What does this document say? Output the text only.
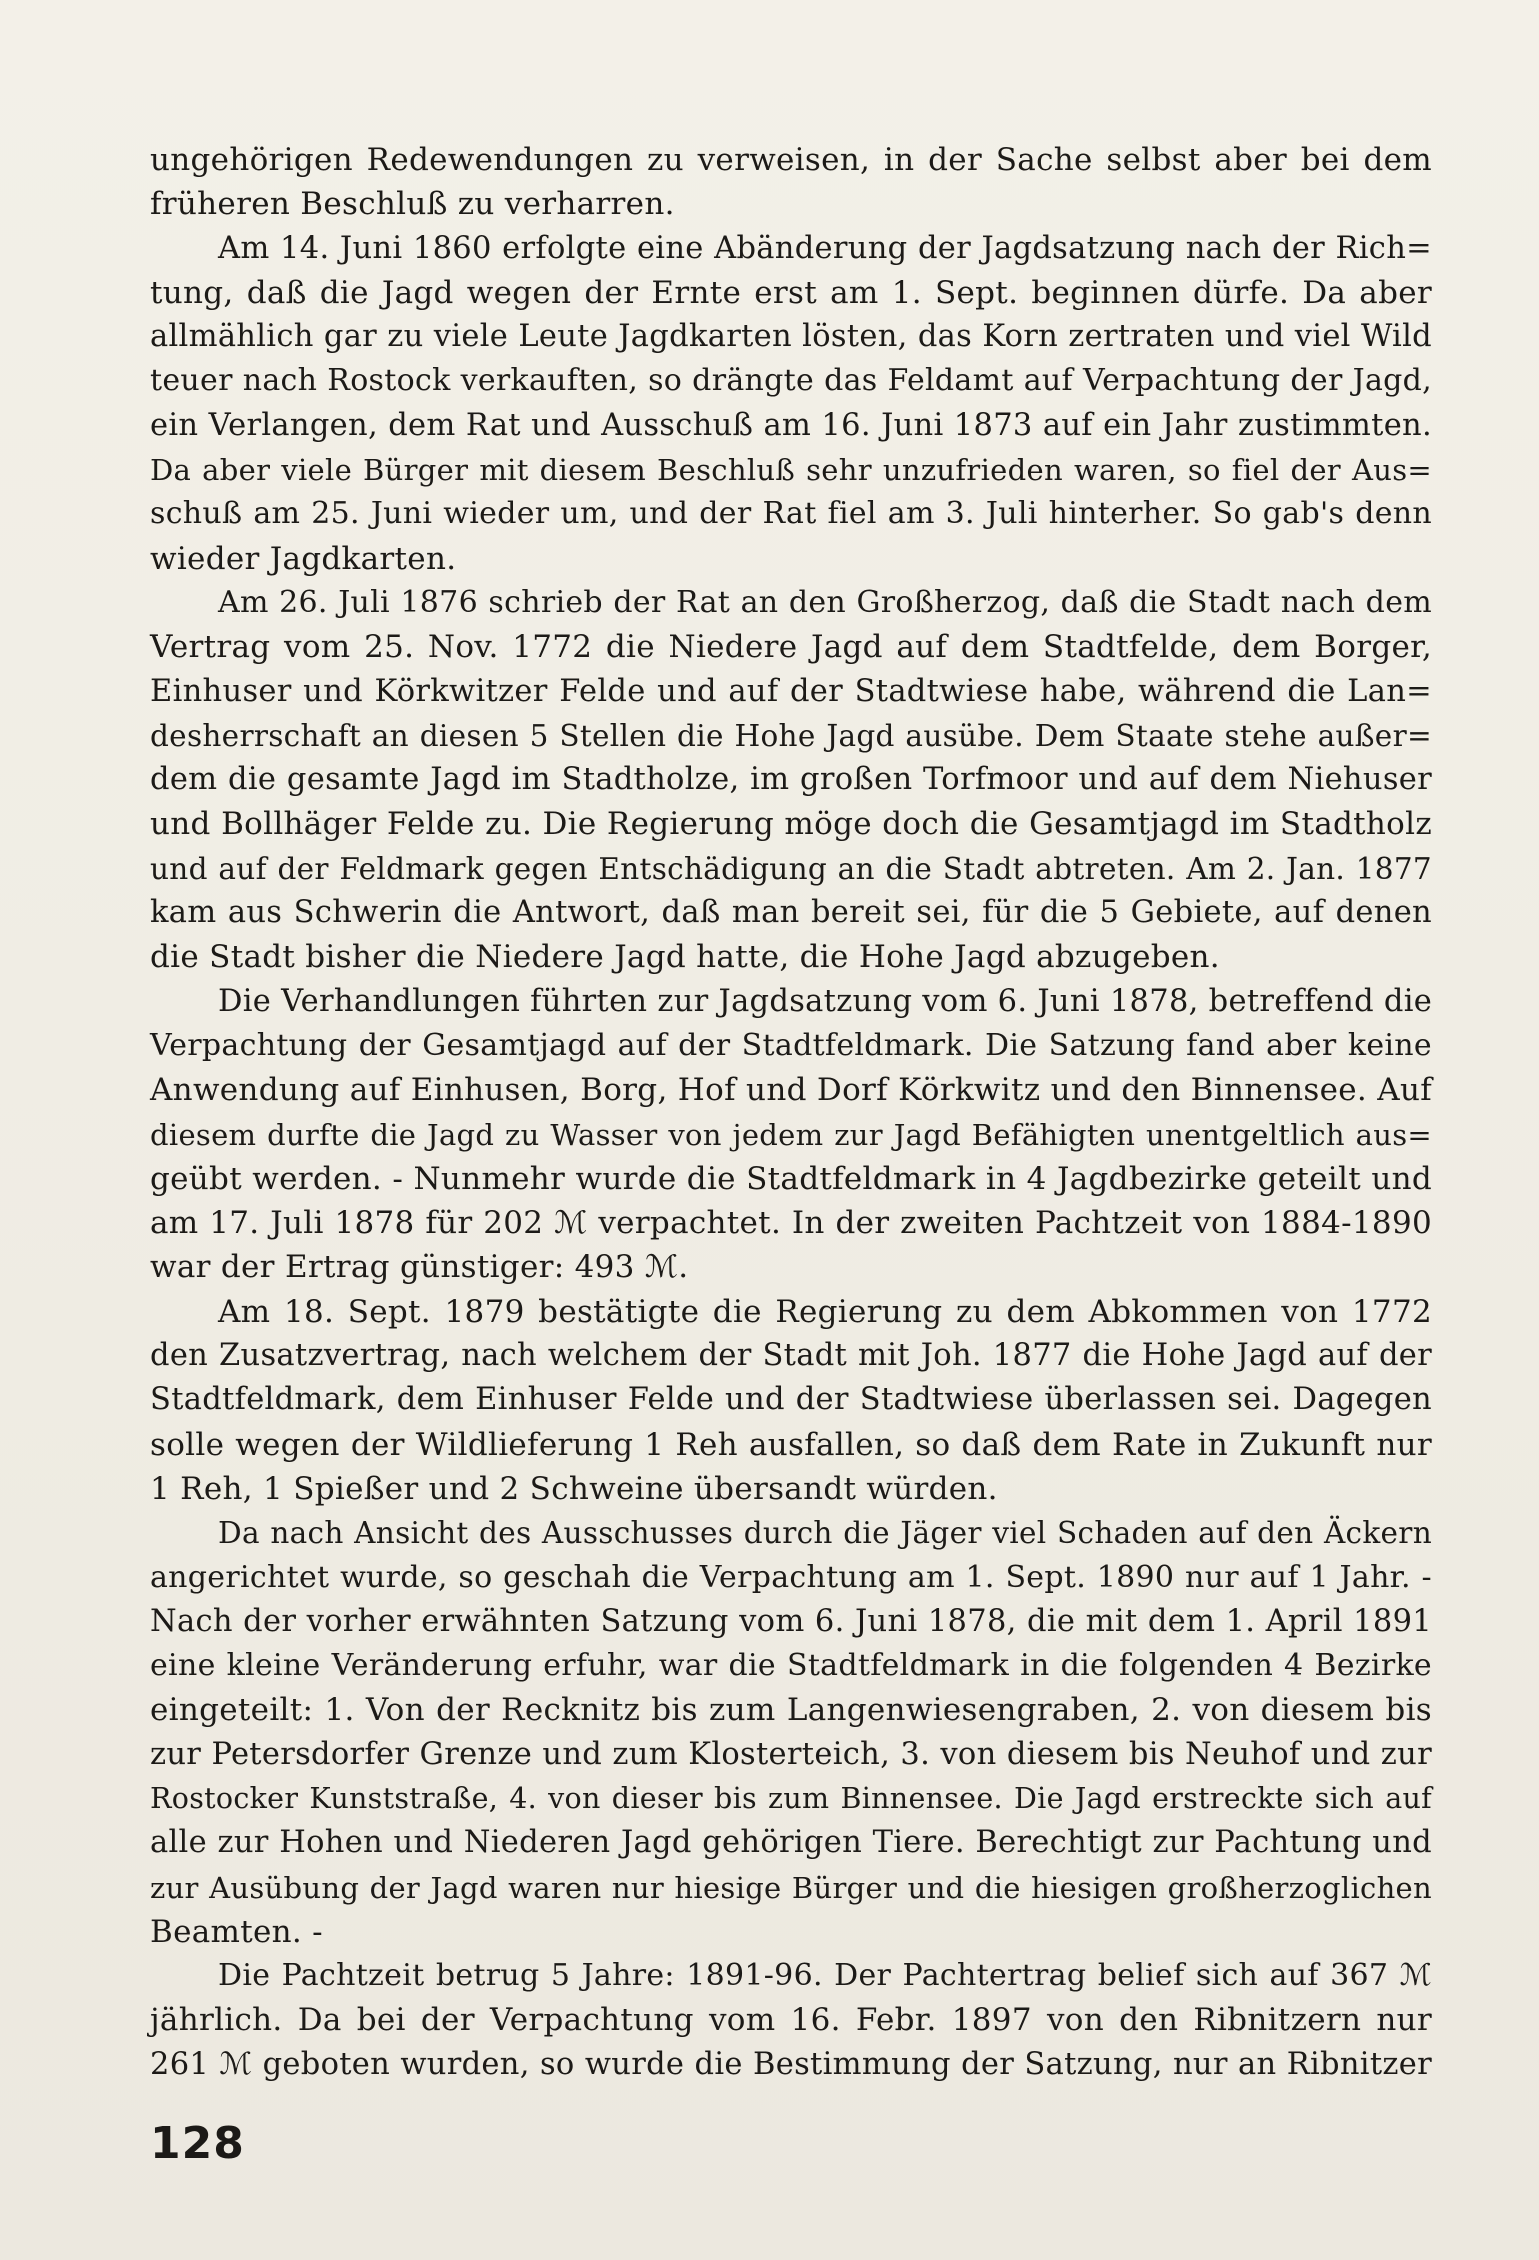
ungehörigen Redewendungen zu verweisen, in der Sache selbst aber bei dem
früheren Beschluß zu verharren.
Am 14. Juni 1860 erfolgte eine Abänderung der Jagdsatzung nach der Rich=
tung, daß die Jagd wegen der Ernte erst am 1. Sept. beginnen dürfe. Da aber
allmählich gar zu viele Leute Jagdkarten lösten, das Korn zertraten und viel Wild
teuer nach Rostock verkauften, so drängte das Feldamt auf Verpachtung der Jagd,
ein Verlangen, dem Rat und Ausschuß am 16. Juni 1873 auf ein Jahr zustimmten.
Da aber viele Bürger mit diesem Beschluß sehr unzufrieden waren, so fiel der Aus=
schuß am 25. Juni wieder um, und der Rat fiel am 3. Juli hinterher. So gab's denn
wieder Jagdkarten.
Am 26. Juli 1876 schrieb der Rat an den Großherzog, daß die Stadt nach dem
Vertrag vom 25. Nov. 1772 die Niedere Jagd auf dem Stadtfelde, dem Borger,
Einhuser und Körkwitzer Felde und auf der Stadtwiese habe, während die Lan=
desherrschaft an diesen 5 Stellen die Hohe Jagd ausübe. Dem Staate stehe außer=
dem die gesamte Jagd im Stadtholze, im großen Torfmoor und auf dem Niehuser
und Bollhäger Felde zu. Die Regierung möge doch die Gesamtjagd im Stadtholz
und auf der Feldmark gegen Entschädigung an die Stadt abtreten. Am 2. Jan. 1877
kam aus Schwerin die Antwort, daß man bereit sei, für die 5 Gebiete, auf denen
die Stadt bisher die Niedere Jagd hatte, die Hohe Jagd abzugeben.
Die Verhandlungen führten zur Jagdsatzung vom 6. Juni 1878, betreffend die
Verpachtung der Gesamtjagd auf der Stadtfeldmark. Die Satzung fand aber keine
Anwendung auf Einhusen, Borg, Hof und Dorf Körkwitz und den Binnensee. Auf
diesem durfte die Jagd zu Wasser von jedem zur Jagd Befähigten unentgeltlich aus=
geübt werden. - Nunmehr wurde die Stadtfeldmark in 4 Jagdbezirke geteilt und
am 17. Juli 1878 für 202 ℳ verpachtet. In der zweiten Pachtzeit von 1884-1890
war der Ertrag günstiger: 493 ℳ.
Am 18. Sept. 1879 bestätigte die Regierung zu dem Abkommen von 1772
den Zusatzvertrag, nach welchem der Stadt mit Joh. 1877 die Hohe Jagd auf der
Stadtfeldmark, dem Einhuser Felde und der Stadtwiese überlassen sei. Dagegen
solle wegen der Wildlieferung 1 Reh ausfallen, so daß dem Rate in Zukunft nur
1 Reh, 1 Spießer und 2 Schweine übersandt würden.
Da nach Ansicht des Ausschusses durch die Jäger viel Schaden auf den Äckern
angerichtet wurde, so geschah die Verpachtung am 1. Sept. 1890 nur auf 1 Jahr. -
Nach der vorher erwähnten Satzung vom 6. Juni 1878, die mit dem 1. April 1891
eine kleine Veränderung erfuhr, war die Stadtfeldmark in die folgenden 4 Bezirke
eingeteilt: 1. Von der Recknitz bis zum Langenwiesengraben, 2. von diesem bis
zur Petersdorfer Grenze und zum Klosterteich, 3. von diesem bis Neuhof und zur
Rostocker Kunststraße, 4. von dieser bis zum Binnensee. Die Jagd erstreckte sich auf
alle zur Hohen und Niederen Jagd gehörigen Tiere. Berechtigt zur Pachtung und
zur Ausübung der Jagd waren nur hiesige Bürger und die hiesigen großherzoglichen
Beamten. -
Die Pachtzeit betrug 5 Jahre: 1891-96. Der Pachtertrag belief sich auf 367 ℳ
jährlich. Da bei der Verpachtung vom 16. Febr. 1897 von den Ribnitzern nur
261 ℳ geboten wurden, so wurde die Bestimmung der Satzung, nur an Ribnitzer
128
